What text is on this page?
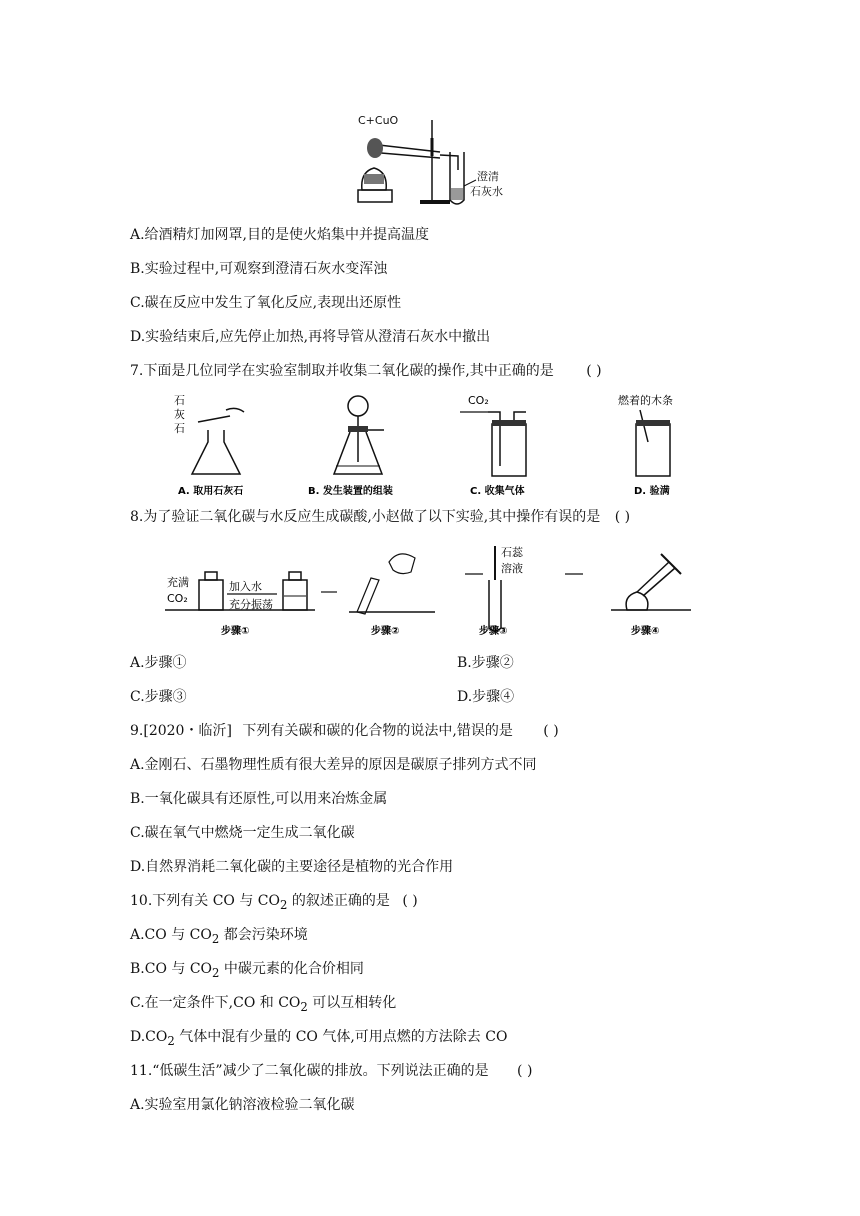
C+CuO
澄清
石灰水
A.给酒精灯加网罩,目的是使火焰集中并提高温度
B.实验过程中,可观察到澄清石灰水变浑浊
C.碳在反应中发生了氧化反应,表现出还原性
D.实验结束后,应先停止加热,再将导管从澄清石灰水中撤出
7.下面是几位同学在实验室制取并收集二氧化碳的操作,其中正确的是 ( )
石
灰
石
A. 取用石灰石	B. 发生装置的组装
CO₂
C. 收集气体
燃着的木条
D. 验满
8.为了验证二氧化碳与水反应生成碳酸,小赵做了以下实验,其中操作有误的是 ( )
充满
CO₂
加入水
充分振荡
石蕊
溶液
步骤①	步骤②	步骤③	步骤④
A.步骤①	B.步骤②
C.步骤③	D.步骤④
9.[2020・临沂] 下列有关碳和碳的化合物的说法中,错误的是 ( )
A.金刚石、石墨物理性质有很大差异的原因是碳原子排列方式不同
B.一氧化碳具有还原性,可以用来冶炼金属
C.碳在氧气中燃烧一定生成二氧化碳
D.自然界消耗二氧化碳的主要途径是植物的光合作用
10.下列有关 CO 与 $CO_2$ 的叙述正确的是 ( )
A.CO 与 $CO_2$ 都会污染环境
B.CO 与 $CO_2$ 中碳元素的化合价相同
C.在一定条件下,CO 和 $CO_2$ 可以互相转化
$D.CO_2$ 气体中混有少量的 CO 气体,可用点燃的方法除去 CO
11.“低碳生活”减少了二氧化碳的排放。下列说法正确的是 ( )
A.实验室用氯化钠溶液检验二氧化碳
